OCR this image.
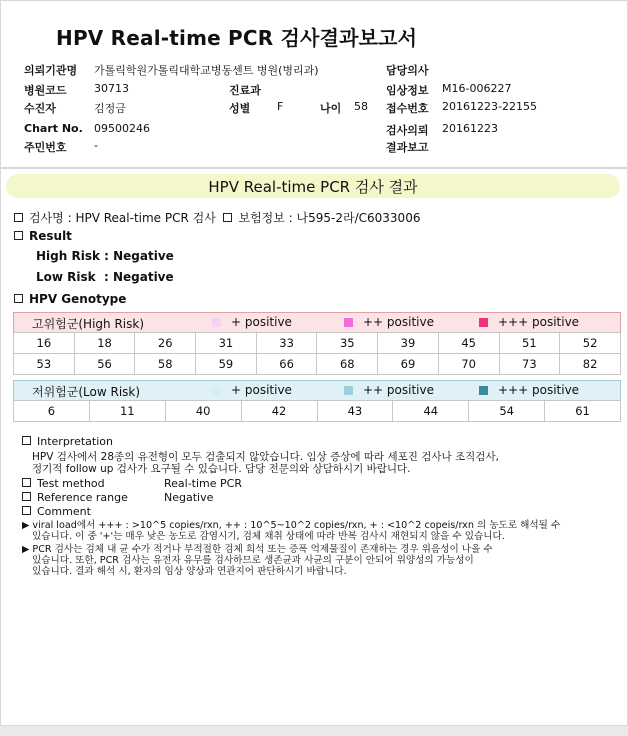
HPV Real-time PCR 검사결과보고서
의뢰기관명 가톨릭학원가톨릭대학교병동센트 병원(병리과)	담당의사
병원코드 30713	진료과	임상정보 M16-006227
수진자	김정금	성별 F	나이 58 접수번호 20161223-22155
Chart No. 09500246	검사의뢰 20161223
주민번호 -	결과보고
HPV Real-time PCR 검사 결과
검사명 : HPV Real-time PCR 검사 보험정보 : 나595-2라/C6033006
Result
High Risk : Negative
Low Risk  : Negative
HPV Genotype
고위험군(High Risk)	+ positive	++ positive	+++ positive
16	18	26	31	33	35	39	45	51	52
53	56	58	59	66	68	69	70	73	82
저위험군(Low Risk)	+ positive	++ positive	+++ positive
6	11	40	42	43	44	54	61
Interpretation
HPV 검사에서 28종의 유전형이 모두 검출되지 않았습니다. 임상 증상에 따라 세포진 검사나 조직검사,
정기적 follow up 검사가 요구될 수 있습니다. 담당 전문의와 상담하시기 바랍니다.
Test method	Real-time PCR
Reference range	Negative
Comment
▶ viral load에서 +++ : >10^5 copies/rxn, ++ : 10^5~10^2 copies/rxn, + : <10^2 copeis/rxn 의 농도로 해석될 수
있습니다. 이 중 '+'는 매우 낮은 농도로 감염시기, 검체 채취 상태에 따라 반복 검사시 재현되지 않을 수 있습니다.
▶ PCR 검사는 검체 내 균 수가 적거나 부적절한 검체 희석 또는 증폭 억제물질이 존재하는 경우 위음성이 나올 수
있습니다. 또한, PCR 검사는 유전자 유무를 검사하므로 생존균과 사균의 구분이 안되어 위양성의 가능성이
있습니다. 결과 해석 시, 환자의 임상 양상과 연관지어 판단하시기 바랍니다.
